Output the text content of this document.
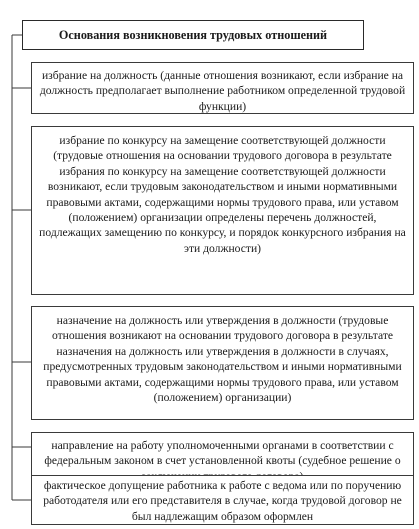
Основания возникновения трудовых отношений
избрание на должность (данные отношения возникают, если избрание на должность предполагает выполнение работником определенной трудовой функции)
избрание по конкурсу на замещение соответствующей должности (трудовые отношения на основании трудового договора в результате избрания по конкурсу на замещение соответствующей должности возникают, если трудовым законодательством и иными нормативными правовыми актами, содержащими нормы трудового права, или уставом (положением) организации определены перечень должностей, подлежащих замещению по конкурсу, и порядок конкурсного избрания на эти должности)
назначение на должность или утверждения в должности (трудовые отношения возникают на основании трудового договора в результате назначения на должность или утверждения в должности в случаях, предусмотренных трудовым законодательством и иными нормативными правовыми актами, содержащими нормы трудового права, или уставом (положением) организации)
направление на работу уполномоченными органами в соответствии с федеральным законом в счет установленной квоты (судебное решение о
фактическое допущение работника к работе с ведома или по поручению работодателя или его представителя в случае, когда трудовой договор не был надлежащим образом оформлен
